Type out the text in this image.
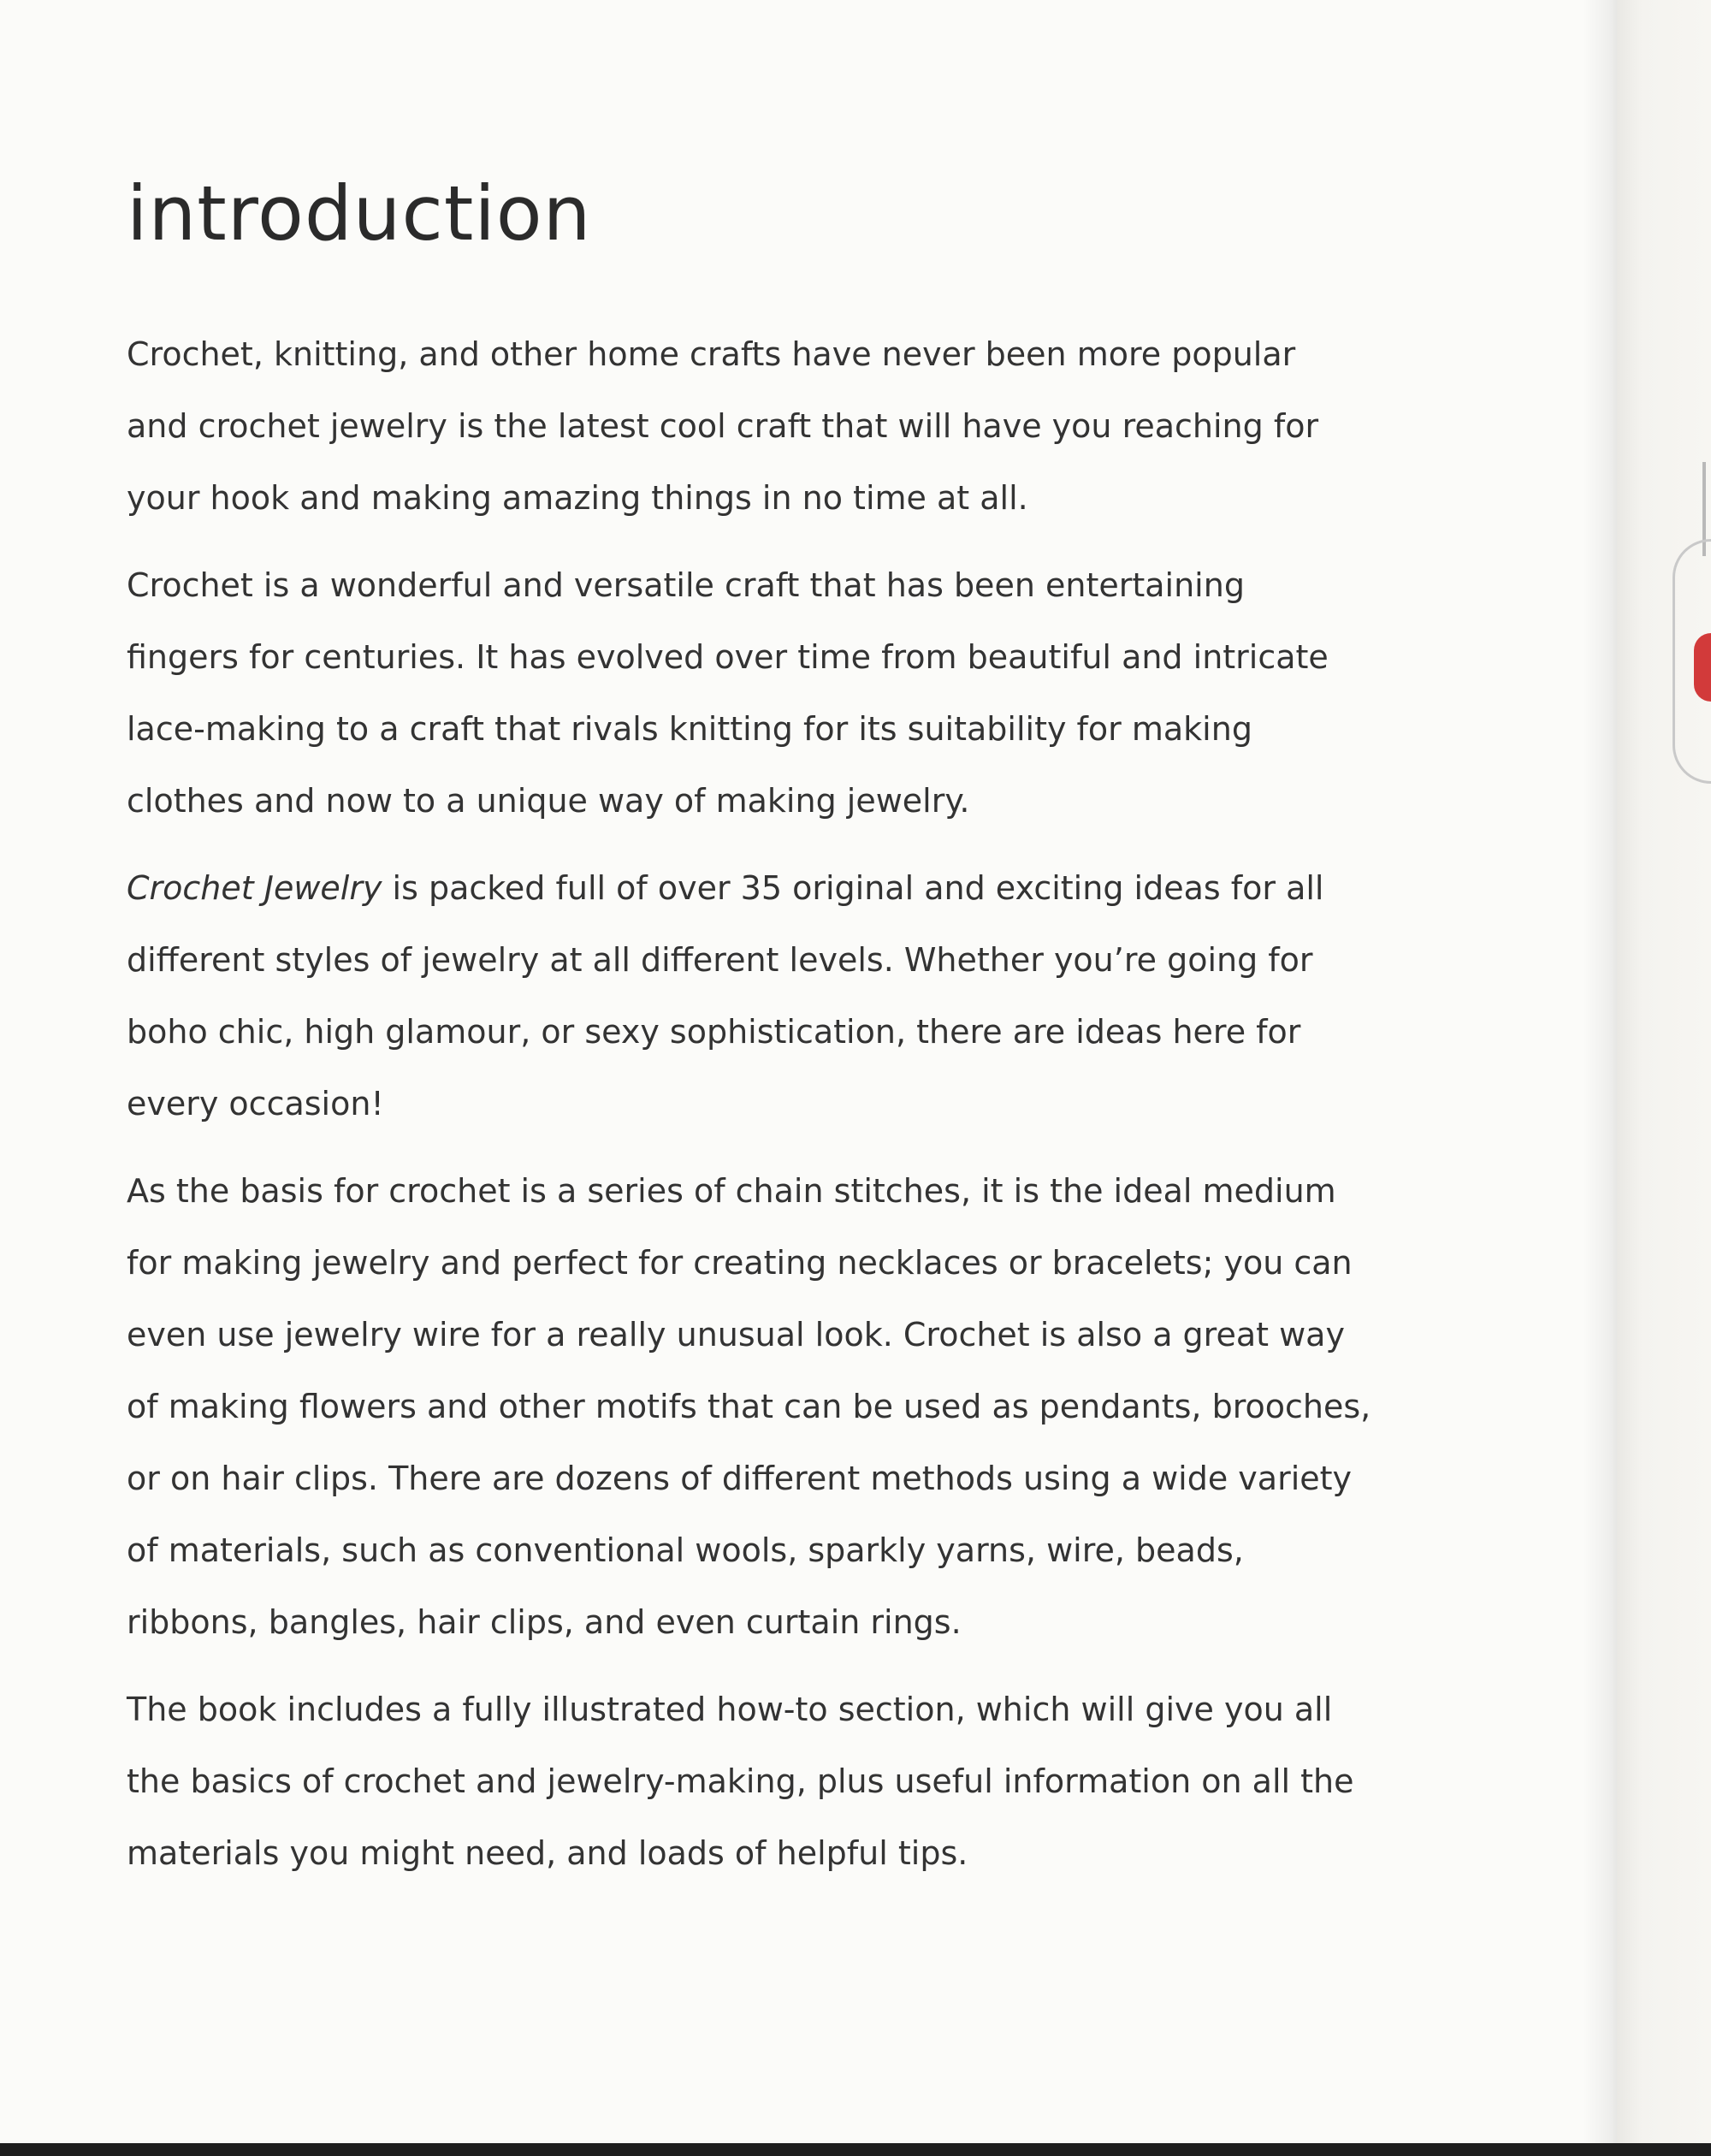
introduction

Crochet, knitting, and other home crafts have never been more popular
and crochet jewelry is the latest cool craft that will have you reaching for
your hook and making amazing things in no time at all.

Crochet is a wonderful and versatile craft that has been entertaining
fingers for centuries. It has evolved over time from beautiful and intricate
lace-making to a craft that rivals knitting for its suitability for making
clothes and now to a unique way of making jewelry.

Crochet Jewelry is packed full of over 35 original and exciting ideas for all
different styles of jewelry at all different levels. Whether you’re going for
boho chic, high glamour, or sexy sophistication, there are ideas here for
every occasion!

As the basis for crochet is a series of chain stitches, it is the ideal medium
for making jewelry and perfect for creating necklaces or bracelets; you can
even use jewelry wire for a really unusual look. Crochet is also a great way
of making flowers and other motifs that can be used as pendants, brooches,
or on hair clips. There are dozens of different methods using a wide variety
of materials, such as conventional wools, sparkly yarns, wire, beads,
ribbons, bangles, hair clips, and even curtain rings.

The book includes a fully illustrated how-to section, which will give you all
the basics of crochet and jewelry-making, plus useful information on all the
materials you might need, and loads of helpful tips.
